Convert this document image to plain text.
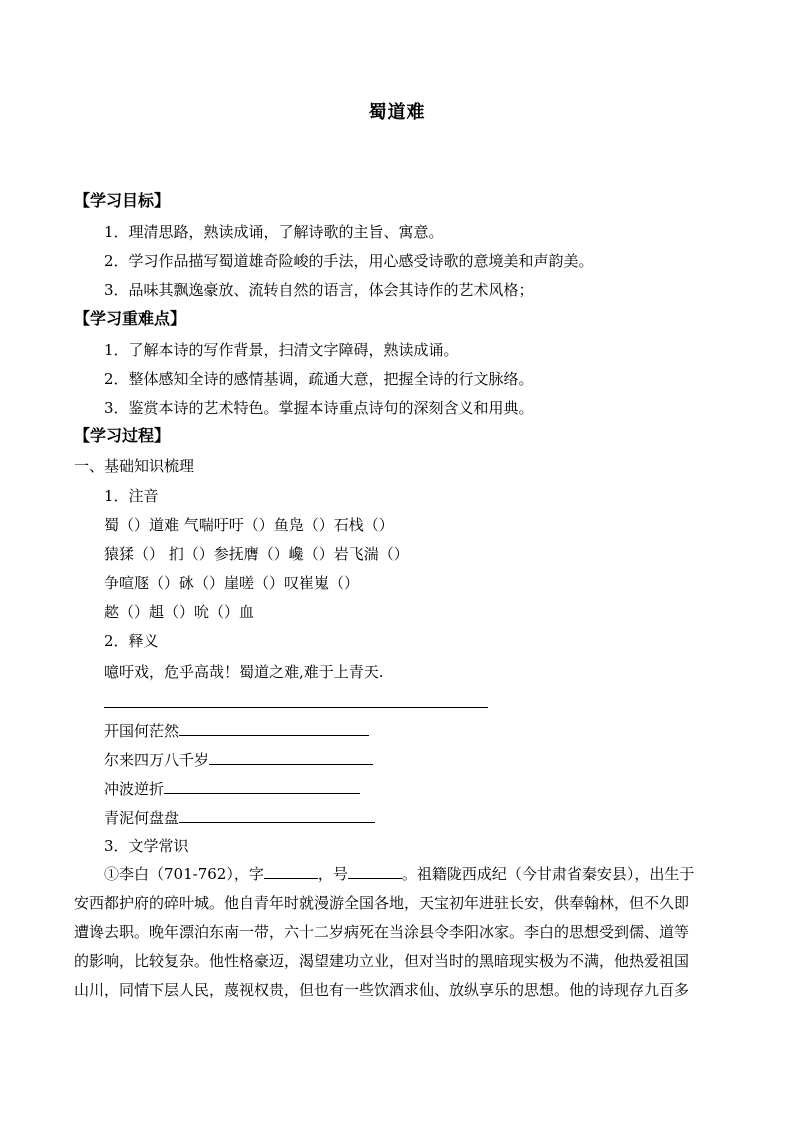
蜀道难
【学习目标】
1．理清思路，熟读成诵，了解诗歌的主旨、寓意。
2．学习作品描写蜀道雄奇险峻的手法，用心感受诗歌的意境美和声韵美。
3．品味其飘逸豪放、流转自然的语言，体会其诗作的艺术风格；
【学习重难点】
1．了解本诗的写作背景，扫清文字障碍，熟读成诵。
2．整体感知全诗的感情基调，疏通大意，把握全诗的行文脉络。
3．鉴赏本诗的艺术特色。掌握本诗重点诗句的深刻含义和用典。
【学习过程】
一、基础知识梳理
1．注音
蜀（）道难 气喘吁吁（）鱼凫（）石栈（）
猿猱（） 扪（）参抚膺（）巉（）岩飞湍（）
争喧豗（）砯（）崖嗟（）叹崔嵬（）
趑（）趄（）吮（）血
2．释义
噫吁戏，危乎高哉！蜀道之难,难于上青天.
开国何茫然
尔来四万八千岁
冲波逆折
青泥何盘盘
3．文学常识
①李白（701-762），字	，号	。祖籍陇西成纪（今甘肃省秦安县），出生于
安西都护府的碎叶城。他自青年时就漫游全国各地，天宝初年进驻长安，供奉翰林，但不久即
遭谗去职。晚年漂泊东南一带，六十二岁病死在当涂县令李阳冰家。李白的思想受到儒、道等
的影响，比较复杂。他性格豪迈，渴望建功立业，但对当时的黑暗现实极为不满，他热爱祖国
山川，同情下层人民，蔑视权贵，但也有一些饮酒求仙、放纵享乐的思想。他的诗现存九百多
